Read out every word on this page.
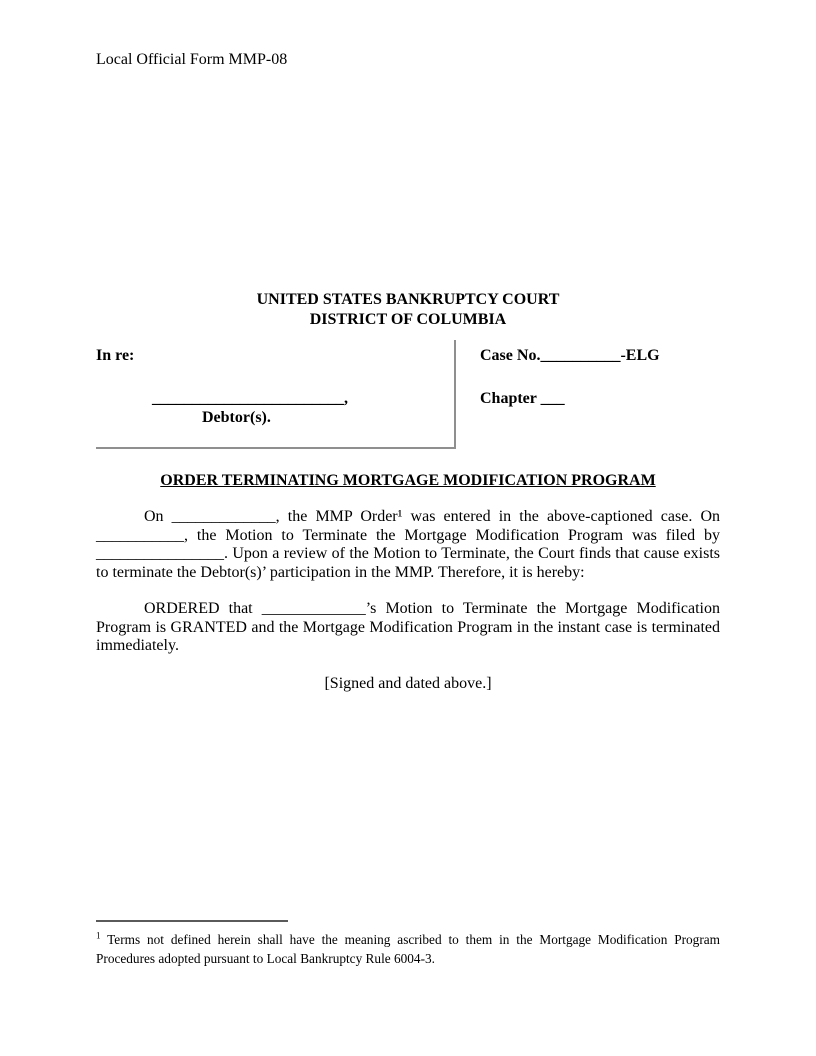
Local Official Form MMP-08
UNITED STATES BANKRUPTCY COURT
DISTRICT OF COLUMBIA
In re:
________________________,
Debtor(s).
Case No.__________-ELG
Chapter ___
ORDER TERMINATING MORTGAGE MODIFICATION PROGRAM

On _____________, the MMP Order¹ was entered in the above-captioned case. On ___________, the Motion to Terminate the Mortgage Modification Program was filed by ________________. Upon a review of the Motion to Terminate, the Court finds that cause exists to terminate the Debtor(s)’ participation in the MMP. Therefore, it is hereby:

ORDERED that _____________’s Motion to Terminate the Mortgage Modification Program is GRANTED and the Mortgage Modification Program in the instant case is terminated immediately.

[Signed and dated above.]
$^1$ Terms not defined herein shall have the meaning ascribed to them in the Mortgage Modification Program Procedures adopted pursuant to Local Bankruptcy Rule 6004-3.
